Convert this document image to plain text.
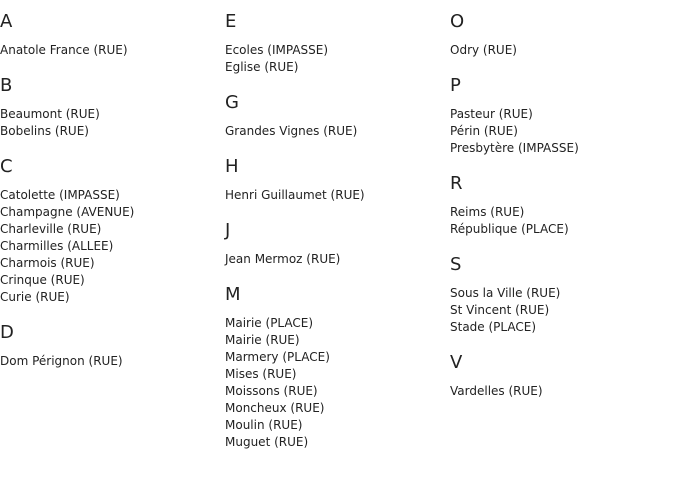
A
Anatole France (RUE)
B
Beaumont (RUE)
Bobelins (RUE)
C
Catolette (IMPASSE)
Champagne (AVENUE)
Charleville (RUE)
Charmilles (ALLEE)
Charmois (RUE)
Crinque (RUE)
Curie (RUE)
D
Dom Pérignon (RUE)
E
Ecoles (IMPASSE)
Eglise (RUE)
G
Grandes Vignes (RUE)
H
Henri Guillaumet (RUE)
J
Jean Mermoz (RUE)
M
Mairie (PLACE)
Mairie (RUE)
Marmery (PLACE)
Mises (RUE)
Moissons (RUE)
Moncheux (RUE)
Moulin (RUE)
Muguet (RUE)
O
Odry (RUE)
P
Pasteur (RUE)
Périn (RUE)
Presbytère (IMPASSE)
R
Reims (RUE)
République (PLACE)
S
Sous la Ville (RUE)
St Vincent (RUE)
Stade (PLACE)
V
Vardelles (RUE)
